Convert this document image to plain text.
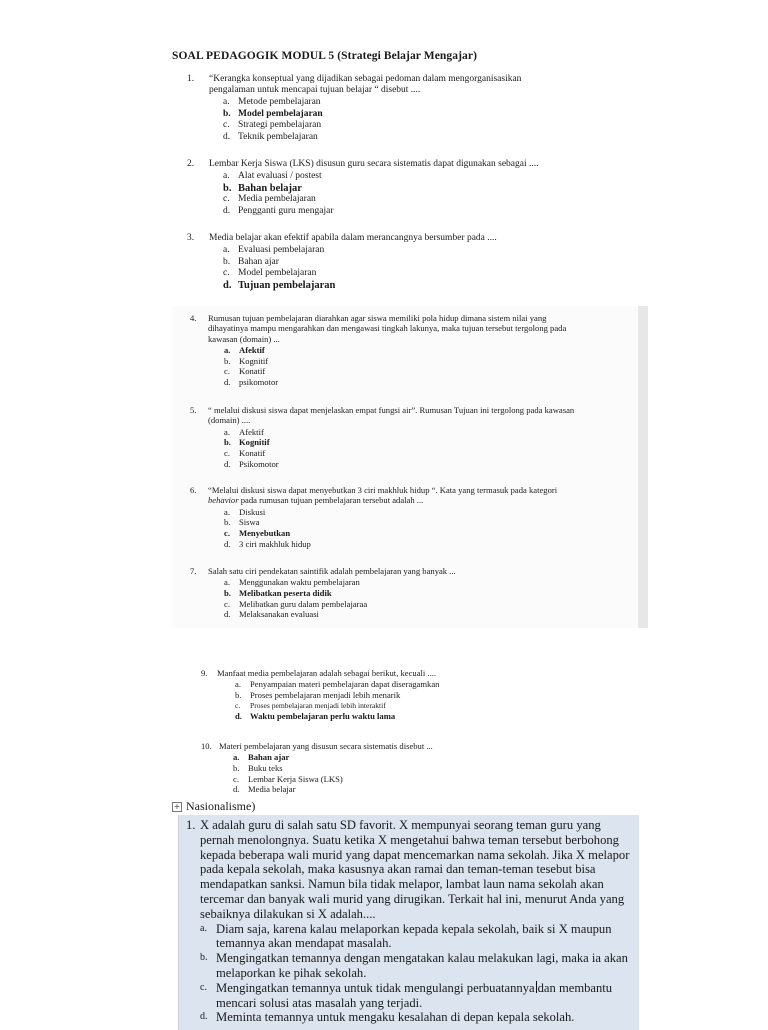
SOAL PEDAGOGIK MODUL 5 (Strategi Belajar Mengajar)
1.	“Kerangka konseptual yang dijadikan sebagai pedoman dalam mengorganisasikan pengalaman untuk mencapai tujuan belajar “ disebut ....
a. Metode pembelajaran
b. Model pembelajaran
c. Strategi pembelajaran
d. Teknik pembelajaran
2.	Lembar Kerja Siswa (LKS) disusun guru secara sistematis dapat digunakan sebagai ....
a. Alat evaluasi / postest
b. Bahan belajar
c. Media pembelajaran
d. Pengganti guru mengajar
3.	Media belajar akan efektif apabila dalam merancangnya bersumber pada ....
a. Evaluasi pembelajaran
b. Bahan ajar
c. Model pembelajaran
d. Tujuan pembelajaran
4.	Rumusan tujuan pembelajaran diarahkan agar siswa memiliki pola hidup dimana sistem nilai yang dihayatinya mampu mengarahkan dan mengawasi tingkah lakunya, maka tujuan tersebut tergolong pada kawasan (domain) ...
a. Afektif
b. Kognitif
c.	Konatif
d. psikomotor
5.	“ melalui diskusi siswa dapat menjelaskan empat fungsi air”. Rumusan Tujuan ini tergolong pada kawasan (domain) ....
a.	Afektif
b. Kognitif
c.	Konatif
d. Psikomotor
6.	“Melalui diskusi siswa dapat menyebutkan 3 ciri makhluk hidup “. Kata yang termasuk pada kategori behavior pada rumusan tujuan pembelajaran tersebut adalah ...
a.	Diskusi
b. Siswa
c.	Menyebutkan
d. 3 ciri makhluk hidup
7.	Salah satu ciri pendekatan saintifik adalah pembelajaran yang banyak ...
a.	Menggunakan waktu pembelajaran
b. Melibatkan peserta didik
c.	Melibatkan guru dalam pembelajaraa
d. Melaksanakan evaluasi
9.	Manfaat media pembelajaran adalah sebagai berikut, kecuali ....
a.	Penyampaian materi pembelajaran dapat diseragamkan
b. Proses pembelajaran menjadi lebih menarik
c.	Proses pembelajaran menjadi lebih interaktif
d. Waktu pembelajaran perlu waktu lama
10. Materi pembelajaran yang disusun secara sistematis disebut ...
a. Bahan ajar
b. Buku teks
c.	Lembar Kerja Siswa (LKS)
d. Media belajar
+ Nasionalisme)
1. X adalah guru di salah satu SD favorit. X mempunyai seorang teman guru yang pernah menolongnya. Suatu ketika X mengetahui bahwa teman tersebut berbohong kepada beberapa wali murid yang dapat mencemarkan nama sekolah. Jika X melapor pada kepala sekolah, maka kasusnya akan ramai dan teman-teman tesebut bisa mendapatkan sanksi. Namun bila tidak melapor, lambat laun nama sekolah akan tercemar dan banyak wali murid yang dirugikan. Terkait hal ini, menurut Anda yang sebaiknya dilakukan si X adalah....
a. Diam saja, karena kalau melaporkan kepada kepala sekolah, baik si X maupun temannya akan mendapat masalah.
b. Mengingatkan temannya dengan mengatakan kalau melakukan lagi, maka ia akan melaporkan ke pihak sekolah.
c. Mengingatkan temannya untuk tidak mengulangi perbuatannya dan membantu mencari solusi atas masalah yang terjadi.
d. Meminta temannya untuk mengaku kesalahan di depan kepala sekolah.
